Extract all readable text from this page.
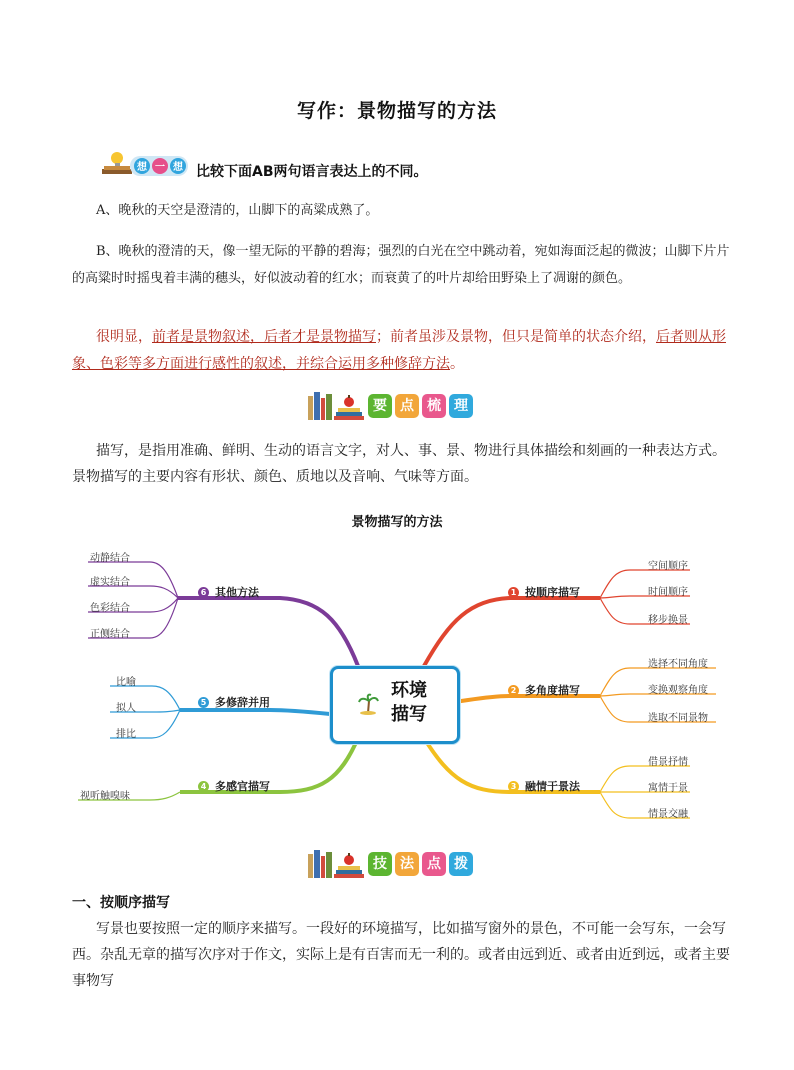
写作：景物描写的方法
想 一 想 比较下面AB两句语言表达上的不同。
A、晚秋的天空是澄清的，山脚下的高粱成熟了。
B、晚秋的澄清的天，像一望无际的平静的碧海；强烈的白光在空中跳动着，宛如海面泛起的微波；山脚下片片的高粱时时摇曳着丰满的穗头，好似波动着的红水；而衰黄了的叶片却给田野染上了凋谢的颜色。
很明显，前者是景物叙述，后者才是景物描写；前者虽涉及景物，但只是简单的状态介绍，后者则从形象、色彩等多方面进行感性的叙述，并综合运用多种修辞方法。
要 点 梳 理
描写，是指用准确、鲜明、生动的语言文字，对人、事、景、物进行具体描绘和刻画的一种表达方式。景物描写的主要内容有形状、颜色、质地以及音响、气味等方面。
景物描写的方法
环境描写
1 按顺序描写
2 多角度描写
3 融情于景法
4 多感官描写
5 多修辞并用
6 其他方法
空间顺序
时间顺序
移步换景
选择不同角度
变换观察角度
选取不同景物
借景抒情
寓情于景
情景交融
视听触嗅味
比喻
拟人
排比
动静结合
虚实结合
色彩结合
正侧结合
技 法 点 拨
一、按顺序描写
写景也要按照一定的顺序来描写。一段好的环境描写，比如描写窗外的景色，不可能一会写东，一会写西。杂乱无章的描写次序对于作文，实际上是有百害而无一利的。或者由远到近、或者由近到远，或者主要事物写
